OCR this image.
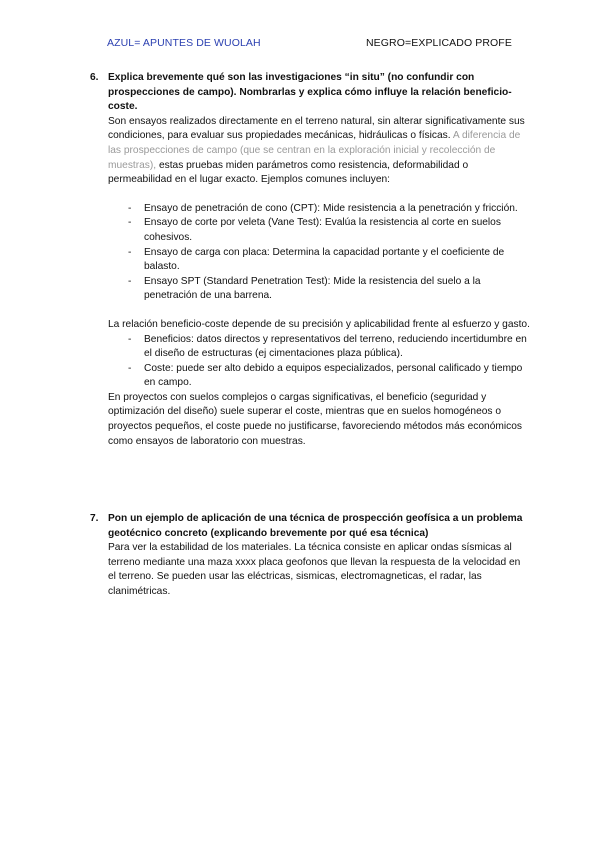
AZUL= APUNTES DE WUOLAH	NEGRO=EXPLICADO PROFE
6. Explica brevemente qué son las investigaciones “in situ” (no confundir con prospecciones de campo). Nombrarlas y explica cómo influye la relación beneficio-coste.
Son ensayos realizados directamente en el terreno natural, sin alterar significativamente sus condiciones, para evaluar sus propiedades mecánicas, hidráulicas o físicas. A diferencia de las prospecciones de campo (que se centran en la exploración inicial y recolección de muestras), estas pruebas miden parámetros como resistencia, deformabilidad o permeabilidad en el lugar exacto. Ejemplos comunes incluyen:
- Ensayo de penetración de cono (CPT): Mide resistencia a la penetración y fricción.
- Ensayo de corte por veleta (Vane Test): Evalúa la resistencia al corte en suelos cohesivos.
- Ensayo de carga con placa: Determina la capacidad portante y el coeficiente de balasto.
- Ensayo SPT (Standard Penetration Test): Mide la resistencia del suelo a la penetración de una barrena.
La relación beneficio-coste depende de su precisión y aplicabilidad frente al esfuerzo y gasto.
- Beneficios: datos directos y representativos del terreno, reduciendo incertidumbre en el diseño de estructuras (ej cimentaciones plaza pública).
- Coste: puede ser alto debido a equipos especializados, personal calificado y tiempo en campo.
En proyectos con suelos complejos o cargas significativas, el beneficio (seguridad y optimización del diseño) suele superar el coste, mientras que en suelos homogéneos o proyectos pequeños, el coste puede no justificarse, favoreciendo métodos más económicos como ensayos de laboratorio con muestras.
7. Pon un ejemplo de aplicación de una técnica de prospección geofísica a un problema geotécnico concreto (explicando brevemente por qué esa técnica)
Para ver la estabilidad de los materiales. La técnica consiste en aplicar ondas sísmicas al terreno mediante una maza xxxx placa geofonos que llevan la respuesta de la velocidad en el terreno. Se pueden usar las eléctricas, sismicas, electromagneticas, el radar, las clanimétricas.
